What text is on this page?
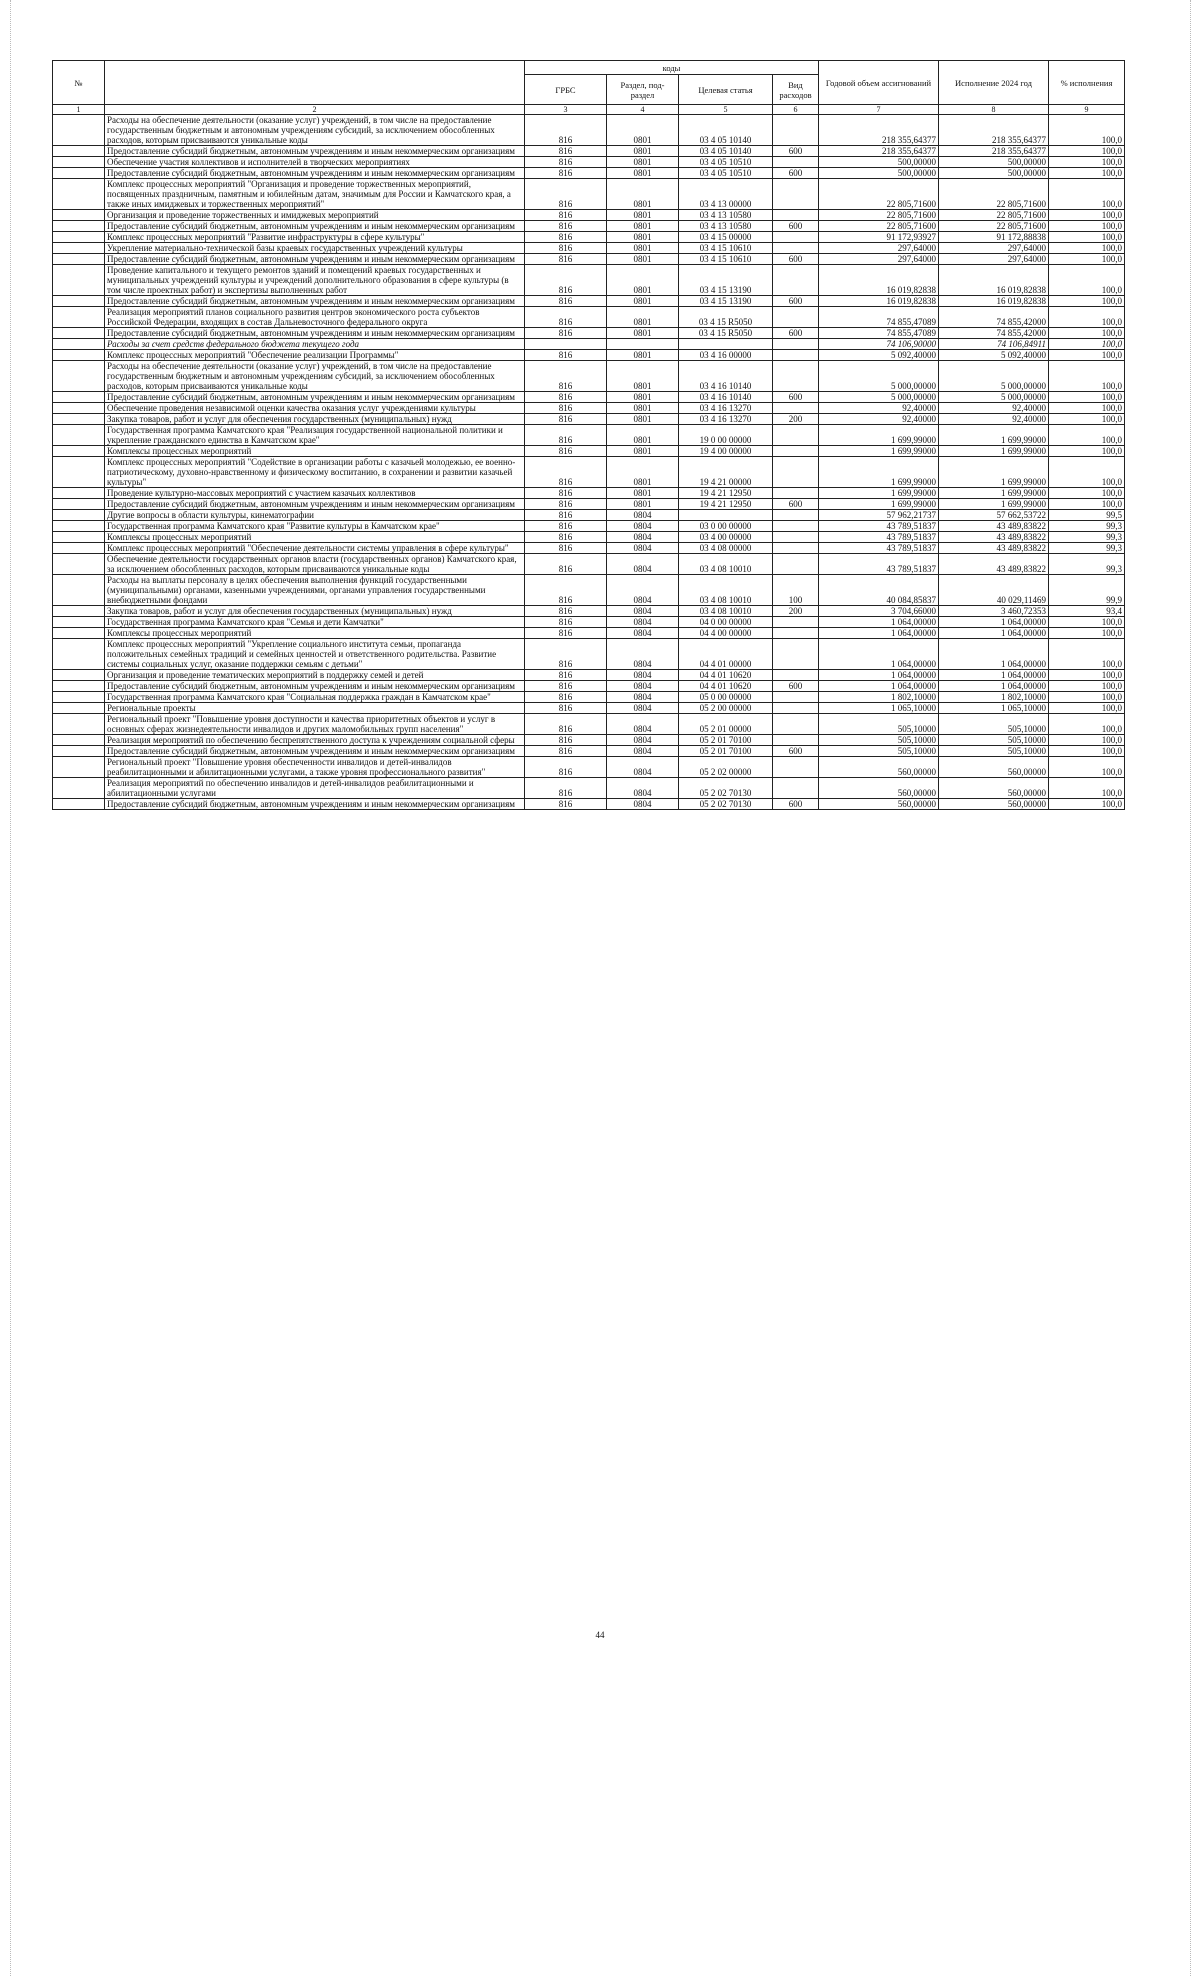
№		коды				Годовой объем ассигнований	Исполнение 2024 год	% исполнения
		ГРБС	Раздел, под-раздел	Целевая статья	Вид расходов			
1	2	3	4	5	6	7	8	9
	Расходы на обеспечение деятельности (оказание услуг) учреждений, в том числе на предоставление государственным бюджетным и автономным учреждениям субсидий, за исключением обособленных расходов, которым присваиваются уникальные коды	816	0801	03 4 05 10140		218 355,64377	218 355,64377	100,0
	Предоставление субсидий бюджетным, автономным учреждениям и иным некоммерческим организациям	816	0801	03 4 05 10140	600	218 355,64377	218 355,64377	100,0
	Обеспечение участия коллективов и исполнителей в творческих мероприятиях	816	0801	03 4 05 10510		500,00000	500,00000	100,0
	Предоставление субсидий бюджетным, автономным учреждениям и иным некоммерческим организациям	816	0801	03 4 05 10510	600	500,00000	500,00000	100,0
	Комплекс процессных мероприятий "Организация и проведение торжественных мероприятий, посвященных праздничным, памятным и юбилейным датам, значимым для России и Камчатского края, а также иных имиджевых и торжественных мероприятий"	816	0801	03 4 13 00000		22 805,71600	22 805,71600	100,0
	Организация и проведение торжественных и имиджевых мероприятий	816	0801	03 4 13 10580		22 805,71600	22 805,71600	100,0
	Предоставление субсидий бюджетным, автономным учреждениям и иным некоммерческим организациям	816	0801	03 4 13 10580	600	22 805,71600	22 805,71600	100,0
	Комплекс процессных мероприятий "Развитие инфраструктуры в сфере культуры"	816	0801	03 4 15 00000		91 172,93927	91 172,88838	100,0
	Укрепление материально-технической базы краевых государственных учреждений культуры	816	0801	03 4 15 10610		297,64000	297,64000	100,0
	Предоставление субсидий бюджетным, автономным учреждениям и иным некоммерческим организациям	816	0801	03 4 15 10610	600	297,64000	297,64000	100,0
	Проведение капитального и текущего ремонтов зданий и помещений краевых государственных и муниципальных учреждений культуры и учреждений дополнительного образования в сфере культуры (в том числе проектных работ) и экспертизы выполненных работ	816	0801	03 4 15 13190		16 019,82838	16 019,82838	100,0
	Предоставление субсидий бюджетным, автономным учреждениям и иным некоммерческим организациям	816	0801	03 4 15 13190	600	16 019,82838	16 019,82838	100,0
	Реализация мероприятий планов социального развития центров экономического роста субъектов Российской Федерации, входящих в состав Дальневосточного федерального округа	816	0801	03 4 15 R5050		74 855,47089	74 855,42000	100,0
	Предоставление субсидий бюджетным, автономным учреждениям и иным некоммерческим организациям	816	0801	03 4 15 R5050	600	74 855,47089	74 855,42000	100,0
	Расходы за счет средств федерального бюджета текущего года					74 106,90000	74 106,84911	100,0
	Комплекс процессных мероприятий "Обеспечение реализации Программы"	816	0801	03 4 16 00000		5 092,40000	5 092,40000	100,0
	Расходы на обеспечение деятельности (оказание услуг) учреждений, в том числе на предоставление государственным бюджетным и автономным учреждениям субсидий, за исключением обособленных расходов, которым присваиваются уникальные коды	816	0801	03 4 16 10140		5 000,00000	5 000,00000	100,0
	Предоставление субсидий бюджетным, автономным учреждениям и иным некоммерческим организациям	816	0801	03 4 16 10140	600	5 000,00000	5 000,00000	100,0
	Обеспечение проведения независимой оценки качества оказания услуг учреждениями культуры	816	0801	03 4 16 13270		92,40000	92,40000	100,0
	Закупка товаров, работ и услуг для обеспечения государственных (муниципальных) нужд	816	0801	03 4 16 13270	200	92,40000	92,40000	100,0
	Государственная программа Камчатского края "Реализация государственной национальной политики и укрепление гражданского единства в Камчатском крае"	816	0801	19 0 00 00000		1 699,99000	1 699,99000	100,0
	Комплексы процессных мероприятий	816	0801	19 4 00 00000		1 699,99000	1 699,99000	100,0
	Комплекс процессных мероприятий "Содействие в организации работы с казачьей молодежью, ее военно-патриотическому, духовно-нравственному и физическому воспитанию, в сохранении и развитии казачьей культуры"	816	0801	19 4 21 00000		1 699,99000	1 699,99000	100,0
	Проведение культурно-массовых мероприятий с участием казачьих коллективов	816	0801	19 4 21 12950		1 699,99000	1 699,99000	100,0
	Предоставление субсидий бюджетным, автономным учреждениям и иным некоммерческим организациям	816	0801	19 4 21 12950	600	1 699,99000	1 699,99000	100,0
	Другие вопросы в области культуры, кинематографии	816	0804			57 962,21737	57 662,53722	99,5
	Государственная программа Камчатского края "Развитие культуры в Камчатском крае"	816	0804	03 0 00 00000		43 789,51837	43 489,83822	99,3
	Комплексы процессных мероприятий	816	0804	03 4 00 00000		43 789,51837	43 489,83822	99,3
	Комплекс процессных мероприятий "Обеспечение деятельности системы управления в сфере культуры"	816	0804	03 4 08 00000		43 789,51837	43 489,83822	99,3
	Обеспечение деятельности государственных органов власти (государственных органов) Камчатского края, за исключением обособленных расходов, которым присваиваются уникальные коды	816	0804	03 4 08 10010		43 789,51837	43 489,83822	99,3
	Расходы на выплаты персоналу в целях обеспечения выполнения функций государственными (муниципальными) органами, казенными учреждениями, органами управления государственными внебюджетными фондами	816	0804	03 4 08 10010	100	40 084,85837	40 029,11469	99,9
	Закупка товаров, работ и услуг для обеспечения государственных (муниципальных) нужд	816	0804	03 4 08 10010	200	3 704,66000	3 460,72353	93,4
	Государственная программа Камчатского края "Семья и дети Камчатки"	816	0804	04 0 00 00000		1 064,00000	1 064,00000	100,0
	Комплексы процессных мероприятий	816	0804	04 4 00 00000		1 064,00000	1 064,00000	100,0
	Комплекс процессных мероприятий "Укрепление социального института семьи, пропаганда положительных семейных традиций и семейных ценностей и ответственного родительства. Развитие системы социальных услуг, оказание поддержки семьям с детьми"	816	0804	04 4 01 00000		1 064,00000	1 064,00000	100,0
	Организация и проведение тематических мероприятий в поддержку семей и детей	816	0804	04 4 01 10620		1 064,00000	1 064,00000	100,0
	Предоставление субсидий бюджетным, автономным учреждениям и иным некоммерческим организациям	816	0804	04 4 01 10620	600	1 064,00000	1 064,00000	100,0
	Государственная программа Камчатского края "Социальная поддержка граждан в Камчатском крае"	816	0804	05 0 00 00000		1 802,10000	1 802,10000	100,0
	Региональные проекты	816	0804	05 2 00 00000		1 065,10000	1 065,10000	100,0
	Региональный проект "Повышение уровня доступности и качества приоритетных объектов и услуг в основных сферах жизнедеятельности инвалидов и других маломобильных групп населения"	816	0804	05 2 01 00000		505,10000	505,10000	100,0
	Реализация мероприятий по обеспечению беспрепятственного доступа к учреждениям социальной сферы	816	0804	05 2 01 70100		505,10000	505,10000	100,0
	Предоставление субсидий бюджетным, автономным учреждениям и иным некоммерческим организациям	816	0804	05 2 01 70100	600	505,10000	505,10000	100,0
	Региональный проект "Повышение уровня обеспеченности инвалидов и детей-инвалидов реабилитационными и абилитационными услугами, а также уровня профессионального развития"	816	0804	05 2 02 00000		560,00000	560,00000	100,0
	Реализация мероприятий по обеспечению инвалидов и детей-инвалидов реабилитационными и абилитационными услугами	816	0804	05 2 02 70130		560,00000	560,00000	100,0
	Предоставление субсидий бюджетным, автономным учреждениям и иным некоммерческим организациям	816	0804	05 2 02 70130	600	560,00000	560,00000	100,0
44
